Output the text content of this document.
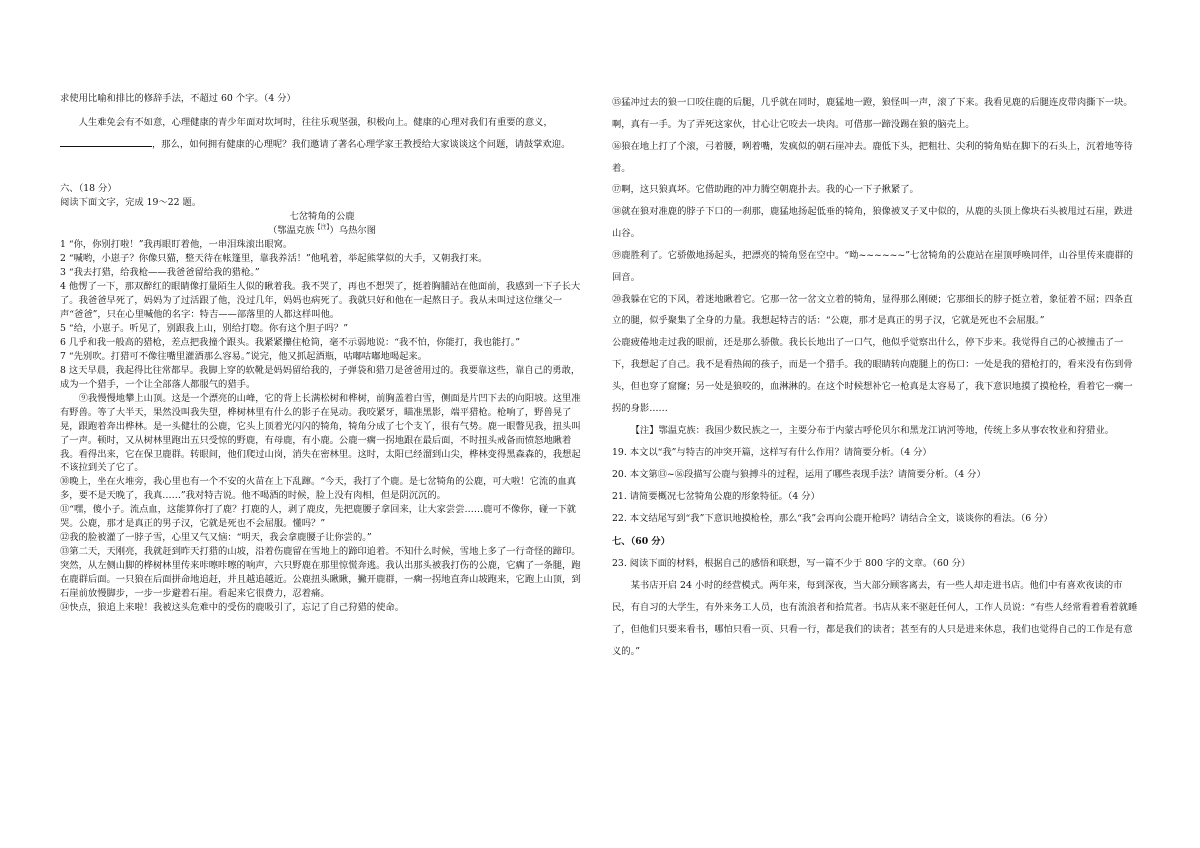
求使用比喻和排比的修辞手法，不超过 60 个字。（4 分）

人生难免会有不如意，心理健康的青少年面对坎坷时，往往乐观坚强，积极向上。健康的心理对我们有重要的意义，，那么，如何拥有健康的心理呢？我们邀请了著名心理学家王教授给大家谈谈这个问题，请鼓掌欢迎。

六、（18 分）

阅读下面文字，完成 19～22 题。

七岔犄角的公鹿

（鄂温克族$^{【注】}$）乌热尔图

1 “你，你别打啦！”我再眼盯着他，一串泪珠滚出眼窝。

2 “喊哟，小崽子？你像只猫，整天待在帐篷里，靠我养活！”他吼着，举起熊掌似的大手，又朝我打来。

3 “我去打猎，给我枪——我爸爸留给我的猎枪。”

4 他愣了一下，那双醉红的眼睛像打量陌生人似的瞅着我。我不哭了，再也不想哭了，挺着胸脯站在他面前，我感到一下子长大了。我爸爸早死了，妈妈为了过活跟了他，没过几年，妈妈也病死了。我就只好和他在一起熬日子。我从未叫过这位继父一声“爸爸”，只在心里喊他的名字：特吉——部落里的人都这样叫他。

5 “给，小崽子。听见了，别跟我上山，别给打唿。你有这个胆子吗？”

6 几乎和我一般高的猎枪，差点把我撞个跟头。我紧紧攥住枪筒，毫不示弱地说：“我不怕，你能打，我也能打。”

7 “先别吹。打猎可不像往嘴里灌酒那么容易。”说完，他又抓起酒瓶，咕嘟咕嘟地喝起来。

8 这天早晨，我起得比往常都早。我脚上穿的软靴是妈妈留给我的，子弹袋和猎刀是爸爸用过的。我要靠这些，靠自己的勇敢，成为一个猎手，一个让全部落人都服气的猎手。

⑨我慢慢地攀上山顶。这是一个漂亮的山峰，它的背上长满松树和桦树，前胸盖着白雪，侧面是片凹下去的向阳坡。这里准有野兽。等了大半天，果然没叫我失望，桦树林里有什么的影子在晃动。我咬紧牙，瞄准黑影，端平猎枪。枪响了，野兽晃了晃，跟跑着奔出桦林。是一头健壮的公鹿，它头上顶着光闪闪的犄角，犄角分成了七个支丫，很有气势。鹿一眼瞥见我，扭头叫了一声。顿时，又从树林里跑出五只受惊的野鹿，有母鹿，有小鹿。公鹿一瘸一拐地跟在最后面，不时扭头戒备而愤怒地瞅着我。看得出来，它在保卫鹿群。转眼间，他们爬过山岗，消失在密林里。这时，太阳已经溜到山尖，桦林变得黑森森的，我想起不该拉到关了它了。

⑩晚上，坐在火堆旁，我心里也有一个不安的火苗在上下乱蹿。“今天，我打了个鹿。是七岔犄角的公鹿，可大啦！它流的血真多，要不是天晚了，我真……”我对特吉说。他不喝酒的时候，脸上没有肉相，但是阴沉沉的。

⑪“嘿，傻小子。流点血，这能算你打了鹿？打鹿的人，剥了鹿皮，先把鹿腰子拿回来，让大家尝尝……鹿可不像你，碰一下就哭。公鹿，那才是真正的男子汉，它就是死也不会屈服。懂吗？”

⑫我的脸被灌了一脖子雪，心里又气又恼：“明天，我会拿鹿腰子让你尝的。”

⑬第二天，天刚亮，我就赶到昨天打猎的山坡，沿着伤鹿留在雪地上的蹄印追着。不知什么时候，雪地上多了一行奇怪的蹄印。突然，从左侧山脚的桦树林里传来咔嚓咔嚓的响声，六只野鹿在那里惊慌奔逃。我认出那头被我打伤的公鹿，它瘸了一条腿，跑在鹿群后面。一只狼在后面拼命地追赶，并且越追越近。公鹿扭头瞅瞅，撇开鹿群，一瘸一拐地直奔山坡跑来，它跑上山顶，到石崖前放慢脚步，一步一步避着石崖。看起来它很费力，忍着痛。

⑭快点，狼追上来啦！我被这头危难中的受伤的鹿吸引了，忘记了自己狩猎的使命。

⑮猛冲过去的狼一口咬住鹿的后腿，几乎就在同时，鹿猛地一蹬，狼怪叫一声，滚了下来。我看见鹿的后腿连皮带肉撕下一块。啊，真有一手。为了弄死这家伙，甘心让它咬去一块肉。可借那一蹄没踢在狼的脑壳上。

⑯狼在地上打了个滚，弓着腰，咧着嘴，发疯似的朝石崖冲去。鹿低下头，把粗壮、尖利的犄角贴在脚下的石头上，沉着地等待着。

⑰啊，这只狼真坏。它借助跑的冲力腾空朝鹿扑去。我的心一下子揪紧了。

⑱就在狼对准鹿的脖子下口的一刹那，鹿猛地扬起低垂的犄角，狼像被叉子叉中似的，从鹿的头顶上像块石头被甩过石崖，跌进山谷。

⑲鹿胜利了。它骄傲地扬起头，把漂亮的犄角竖在空中。“呦~~~~~~”七岔犄角的公鹿站在崖顶呼唤同伴，山谷里传来鹿群的回音。

⑳我躲在它的下风，着迷地瞅着它。它那一岔一岔文立着的犄角，显得那么刚硬；它那细长的脖子挺立着，象征着不屈；四条直立的腿，似乎聚集了全身的力量。我想起特吉的话：“公鹿，那才是真正的男子汉，它就是死也不会屈服。”

公鹿疲倦地走过我的眼前，还是那么骄傲。我长长地出了一口气，他似乎觉察出什么，停下步来。我觉得自己的心被撞击了一下，我想起了自己。我不是看热闹的孩子，而是一个猎手。我的眼睛转向鹿腿上的伤口：一处是我的猎枪打的，看来没有伤到骨头，但也穿了窟窿；另一处是狼咬的，血淋淋的。在这个时候想补它一枪真是太容易了，我下意识地摸了摸枪栓，看着它一瘸一拐的身影……

【注】鄂温克族：我国少数民族之一，主要分布于内蒙古呼伦贝尔和黑龙江讷河等地，传统上多从事农牧业和狩猎业。

19. 本文以“我”与特吉的冲突开篇，这样写有什么作用？请简要分析。（4 分）

20. 本文第⑬~⑯段描写公鹿与狼搏斗的过程，运用了哪些表现手法？请简要分析。（4 分）

21. 请简要概况七岔犄角公鹿的形象特征。（4 分）

22. 本文结尾写到“我”下意识地摸枪栓，那么“我”会再向公鹿开枪吗？请结合全文，谈谈你的看法。（6 分）

七、（60 分）

23. 阅读下面的材料，根据自己的感悟和联想，写一篇不少于 800 字的文章。（60 分）

某书店开启 24 小时的经营模式。两年来，每到深夜，当大部分顾客离去，有一些人却走进书店。他们中有喜欢夜读的市民，有自习的大学生，有外来务工人员，也有流浪者和拾荒者。书店从来不驱赶任何人，工作人员说：“有些人经常看着看着就睡了，但他们只要来看书，哪怕只看一页、只看一行，都是我们的读者；甚至有的人只是进来休息，我们也觉得自己的工作是有意义的。”
